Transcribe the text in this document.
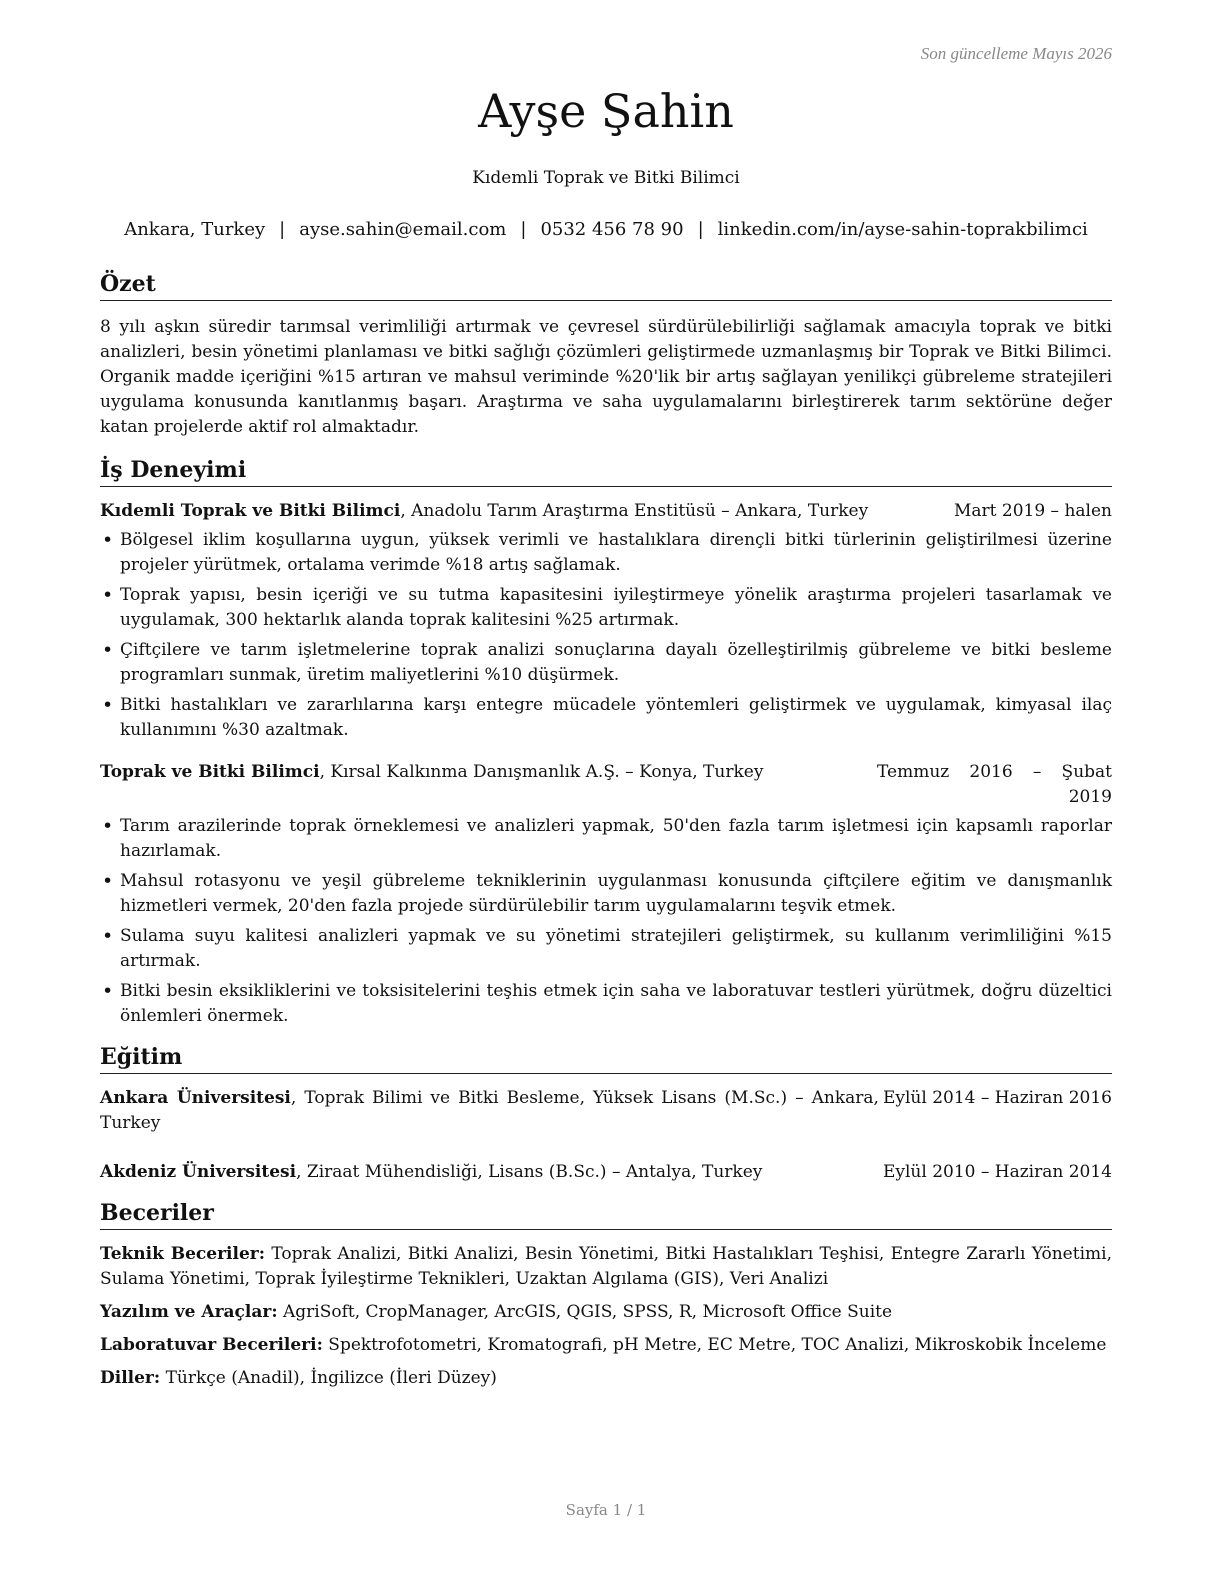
Son güncelleme Mayıs 2026
Ayşe Şahin
Kıdemli Toprak ve Bitki Bilimci
Ankara, Turkey | ayse.sahin@email.com | 0532 456 78 90 | linkedin.com/in/ayse-sahin-toprakbilimci
Özet

8 yılı aşkın süredir tarımsal verimliliği artırmak ve çevresel sürdürülebilirliği sağlamak amacıyla toprak ve bitki analizleri, besin yönetimi planlaması ve bitki sağlığı çözümleri geliştirmede uzmanlaşmış bir Toprak ve Bitki Bilimci. Organik madde içeriğini %15 artıran ve mahsul veriminde %20'lik bir artış sağlayan yenilikçi gübreleme stratejileri uygulama konusunda kanıtlanmış başarı. Araştırma ve saha uygulamalarını birleştirerek tarım sektörüne değer katan projelerde aktif rol almaktadır.

İş Deneyimi
Kıdemli Toprak ve Bitki Bilimci, Anadolu Tarım Araştırma Enstitüsü – Ankara, Turkey	Mart 2019 – halen
• Bölgesel iklim koşullarına uygun, yüksek verimli ve hastalıklara dirençli bitki türlerinin geliştirilmesi üzerine projeler yürütmek, ortalama verimde %18 artış sağlamak.
• Toprak yapısı, besin içeriği ve su tutma kapasitesini iyileştirmeye yönelik araştırma projeleri tasarlamak ve uygulamak, 300 hektarlık alanda toprak kalitesini %25 artırmak.
• Çiftçilere ve tarım işletmelerine toprak analizi sonuçlarına dayalı özelleştirilmiş gübreleme ve bitki besleme programları sunmak, üretim maliyetlerini %10 düşürmek.
• Bitki hastalıkları ve zararlılarına karşı entegre mücadele yöntemleri geliştirmek ve uygulamak, kimyasal ilaç kullanımını %30 azaltmak.
Toprak ve Bitki Bilimci, Kırsal Kalkınma Danışmanlık A.Ş. – Konya, Turkey	Temmuz 2016 – Şubat 2019
• Tarım arazilerinde toprak örneklemesi ve analizleri yapmak, 50'den fazla tarım işletmesi için kapsamlı raporlar hazırlamak.
• Mahsul rotasyonu ve yeşil gübreleme tekniklerinin uygulanması konusunda çiftçilere eğitim ve danışmanlık hizmetleri vermek, 20'den fazla projede sürdürülebilir tarım uygulamalarını teşvik etmek.
• Sulama suyu kalitesi analizleri yapmak ve su yönetimi stratejileri geliştirmek, su kullanım verimliliğini %15 artırmak.
• Bitki besin eksikliklerini ve toksisitelerini teşhis etmek için saha ve laboratuvar testleri yürütmek, doğru düzeltici önlemleri önermek.
Eğitim
Ankara Üniversitesi, Toprak Bilimi ve Bitki Besleme, Yüksek Lisans (M.Sc.) – Ankara, Turkey
Eylül 2014 – Haziran 2016
Akdeniz Üniversitesi, Ziraat Mühendisliği, Lisans (B.Sc.) – Antalya, Turkey	Eylül 2010 – Haziran 2014
Beceriler
Teknik Beceriler: Toprak Analizi, Bitki Analizi, Besin Yönetimi, Bitki Hastalıkları Teşhisi, Entegre Zararlı Yönetimi, Sulama Yönetimi, Toprak İyileştirme Teknikleri, Uzaktan Algılama (GIS), Veri Analizi
Yazılım ve Araçlar: AgriSoft, CropManager, ArcGIS, QGIS, SPSS, R, Microsoft Office Suite
Laboratuvar Becerileri: Spektrofotometri, Kromatografi, pH Metre, EC Metre, TOC Analizi, Mikroskobik İnceleme
Diller: Türkçe (Anadil), İngilizce (İleri Düzey)
Sayfa 1 / 1
